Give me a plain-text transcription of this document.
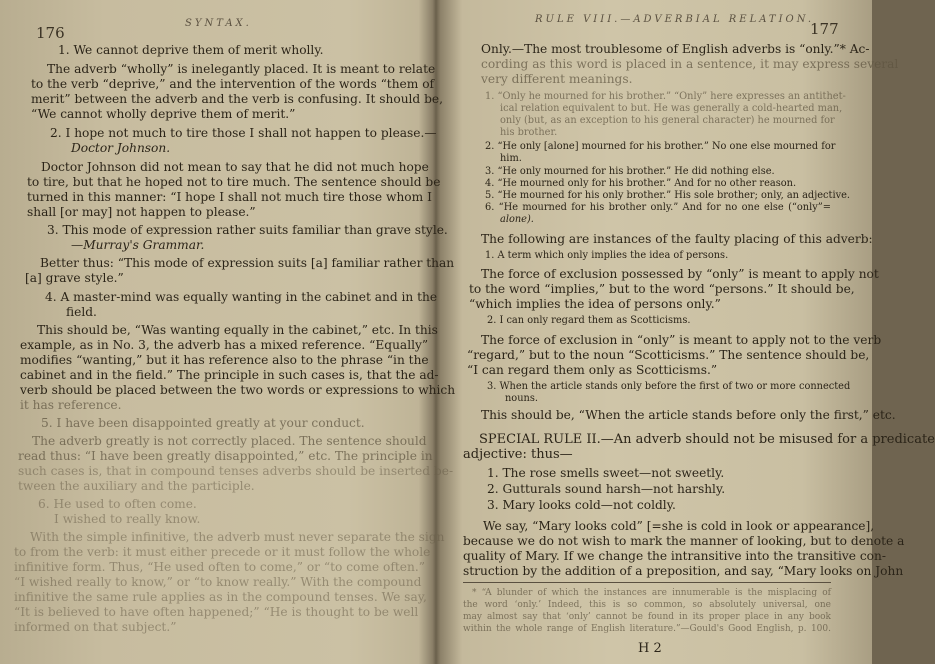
176
SYNTAX.
1. We cannot deprive them of merit wholly.
The adverb “wholly” is inelegantly placed. It is meant to relate
to the verb “deprive,” and the intervention of the words “them of
merit” between the adverb and the verb is confusing. It should be,
“We cannot wholly deprive them of merit.”
2. I hope not much to tire those I shall not happen to please.—
Doctor Johnson.
Doctor Johnson did not mean to say that he did not much hope
to tire, but that he hoped not to tire much. The sentence should be
turned in this manner: “I hope I shall not much tire those whom I
shall [or may] not happen to please.”
3. This mode of expression rather suits familiar than grave style.
—Murray's Grammar.
Better thus: “This mode of expression suits [a] familiar rather than
[a] grave style.”
4. A master-mind was equally wanting in the cabinet and in the
field.
This should be, “Was wanting equally in the cabinet,” etc. In this
example, as in No. 3, the adverb has a mixed reference. “Equally”
modifies “wanting,” but it has reference also to the phrase “in the
cabinet and in the field.” The principle in such cases is, that the ad-
verb should be placed between the two words or expressions to which
it has reference.
5. I have been disappointed greatly at your conduct.
The adverb greatly is not correctly placed. The sentence should
read thus: “I have been greatly disappointed,” etc. The principle in
such cases is, that in compound tenses adverbs should be inserted be-
tween the auxiliary and the participle.
6. He used to often come.
I wished to really know.
With the simple infinitive, the adverb must never separate the sign
to from the verb: it must either precede or it must follow the whole
infinitive form. Thus, “He used often to come,” or “to come often.”
“I wished really to know,” or “to know really.” With the compound
infinitive the same rule applies as in the compound tenses. We say,
“It is believed to have often happened;” “He is thought to be well
informed on that subject.”
RULE VIII.—ADVERBIAL RELATION.
177
Only.—The most troublesome of English adverbs is “only.”* Ac-
cording as this word is placed in a sentence, it may express several
very different meanings.
1. “Only he mourned for his brother.” “Only” here expresses an antithet-
ical relation equivalent to but. He was generally a cold-hearted man,
only (but, as an exception to his general character) he mourned for
his brother.
2. “He only [alone] mourned for his brother.” No one else mourned for
him.
3. “He only mourned for his brother.” He did nothing else.
4. “He mourned only for his brother.” And for no other reason.
5. “He mourned for his only brother.” His sole brother; only, an adjective.
6. “He mourned for his brother only.” And for no one else (“only”=
alone).
The following are instances of the faulty placing of this adverb:
1. A term which only implies the idea of persons.
The force of exclusion possessed by “only” is meant to apply not
to the word “implies,” but to the word “persons.” It should be,
“which implies the idea of persons only.”
2. I can only regard them as Scotticisms.
The force of exclusion in “only” is meant to apply not to the verb
“regard,” but to the noun “Scotticisms.” The sentence should be,
“I can regard them only as Scotticisms.”
3. When the article stands only before the first of two or more connected
nouns.
This should be, “When the article stands before only the first,” etc.
SPECIAL RULE II.—An adverb should not be misused for a predicate
adjective: thus—
1. The rose smells sweet—not sweetly.
2. Gutturals sound harsh—not harshly.
3. Mary looks cold—not coldly.
We say, “Mary looks cold” [=she is cold in look or appearance],
because we do not wish to mark the manner of looking, but to denote a
quality of Mary. If we change the intransitive into the transitive con-
struction by the addition of a preposition, and say, “Mary looks on John
* “A blunder of which the instances are innumerable is the misplacing of
the word ‘only.’ Indeed, this is so common, so absolutely universal, one
may almost say that ‘only’ cannot be found in its proper place in any book
within the whole range of English literature.”—Gould's Good English, p. 100.
H 2
